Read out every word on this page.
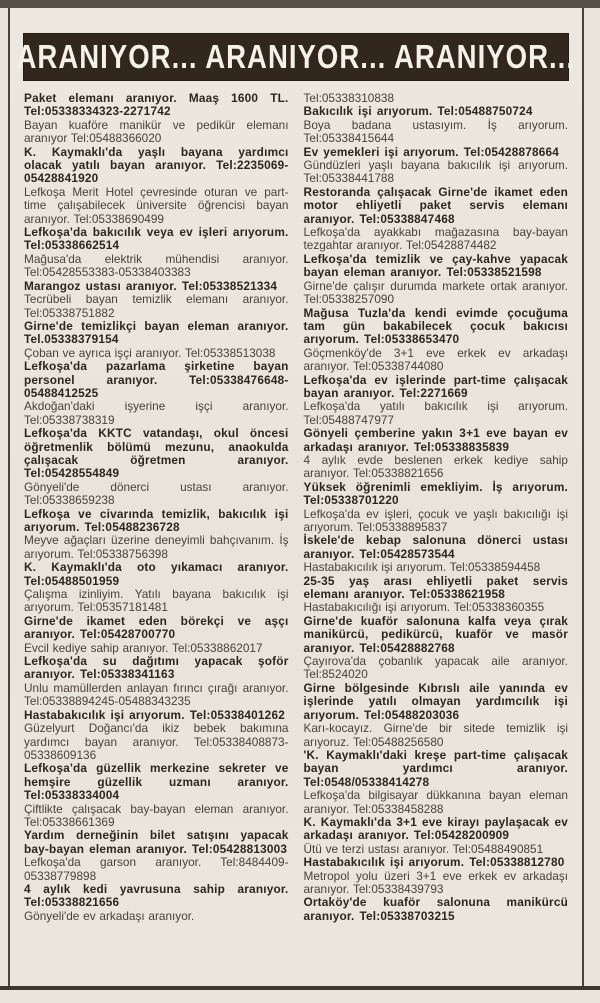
ARANIYOR... ARANIYOR... ARANIYOR...

Paket elemanı aranıyor. Maaş 1600 TL. Tel:05338334323-2271742

Bayan kuaföre manikür ve pedikür elemanı aranıyor Tel:05488366020

K. Kaymaklı'da yaşlı bayana yardımcı olacak yatılı bayan aranıyor. Tel:2235069-05428841920

Lefkoşa Merit Hotel çevresinde oturan ve part-time çalışabilecek üniversite öğrencisi bayan aranıyor. Tel:05338690499

Lefkoşa'da bakıcılık veya ev işleri arıyorum. Tel:05338662514

Mağusa'da elektrik mühendisi aranıyor. Tel:05428553383-05338403383

Marangoz ustası aranıyor. Tel:05338521334

Tecrübeli bayan temizlik elemanı aranıyor. Tel:05338751882

Girne'de temizlikçi bayan eleman aranıyor. Tel.05338379154

Çoban ve ayrıca işçi aranıyor. Tel:05338513038

Lefkoşa'da pazarlama şirketine bayan personel aranıyor. Tel:05338476648-05488412525

Akdoğan'daki işyerine işçi aranıyor. Tel:05338738319

Lefkoşa'da KKTC vatandaşı, okul öncesi öğretmenlik bölümü mezunu, anaokulda çalışacak öğretmen aranıyor. Tel:05428554849

Gönyeli'de dönerci ustası aranıyor. Tel:05338659238

Lefkoşa ve civarında temizlik, bakıcılık işi arıyorum. Tel:05488236728

Meyve ağaçları üzerine deneyimli bahçıvanım. İş arıyorum. Tel:05338756398

K. Kaymaklı'da oto yıkamacı aranıyor. Tel:05488501959

Çalışma izinliyim. Yatılı bayana bakıcılık işi arıyorum. Tel:05357181481

Girne'de ikamet eden börekçi ve aşçı aranıyor. Tel:05428700770

Evcil kediye sahip aranıyor. Tel:05338862017

Lefkoşa'da su dağıtımı yapacak şoför aranıyor. Tel:05338341163

Unlu mamüllerden anlayan fırıncı çırağı aranıyor. Tel:05338894245-05488343235

Hastabakıcılık işi arıyorum. Tel:05338401262

Güzelyurt Doğancı'da ikiz bebek bakımına yardımcı bayan aranıyor. Tel:05338408873-05338609136

Lefkoşa'da güzellik merkezine sekreter ve hemşire güzellik uzmanı aranıyor. Tel:05338334004

Çiftlikte çalışacak bay-bayan eleman aranıyor. Tel:05338661369

Yardım derneğinin bilet satışını yapacak bay-bayan eleman aranıyor. Tel:05428813003

Lefkoşa'da garson aranıyor. Tel:8484409-05338779898

4 aylık kedi yavrusuna sahip aranıyor. Tel:05338821656

Gönyeli'de ev arkadaşı aranıyor.

Tel:05338310838

Bakıcılık işi arıyorum. Tel:05488750724

Boya badana ustasıyım. İş arıyorum. Tel:05338415644

Ev yemekleri işi arıyorum. Tel:05428878664

Gündüzleri yaşlı bayana bakıcılık işi arıyorum. Tel:05338441788

Restoranda çalışacak Girne'de ikamet eden motor ehliyetli paket servis elemanı aranıyor. Tel:05338847468

Lefkoşa'da ayakkabı mağazasına bay-bayan tezgahtar aranıyor. Tel:05428874482

Lefkoşa'da temizlik ve çay-kahve yapacak bayan eleman aranıyor. Tel:05338521598

Girne'de çalışır durumda markete ortak aranıyor. Tel:05338257090

Mağusa Tuzla'da kendi evimde çocuğuma tam gün bakabilecek çocuk bakıcısı arıyorum. Tel:05338653470

Göçmenköy'de 3+1 eve erkek ev arkadaşı aranıyor. Tel:05338744080

Lefkoşa'da ev işlerinde part-time çalışacak bayan aranıyor. Tel:2271669

Lefkoşa'da yatılı bakıcılık işi arıyorum. Tel:05488747977

Gönyeli çemberine yakın 3+1 eve bayan ev arkadaşı aranıyor. Tel:05338835839

4 aylık evde beslenen erkek kediye sahip aranıyor. Tel:05338821656

Yüksek öğrenimli emekliyim. İş arıyorum. Tel:05338701220

Lefkoşa'da ev işleri, çocuk ve yaşlı bakıcılığı işi arıyorum. Tel:05338895837

İskele'de kebap salonuna dönerci ustası aranıyor. Tel:05428573544

Hastabakıcılık işi arıyorum. Tel:05338594458

25-35 yaş arası ehliyetli paket servis elemanı aranıyor. Tel:05338621958

Hastabakıcılığı işi arıyorum. Tel:05338360355

Girne'de kuaför salonuna kalfa veya çırak manikürcü, pedikürcü, kuaför ve masör aranıyor. Tel:05428882768

Çayırova'da çobanlık yapacak aile aranıyor. Tel:8524020

Girne bölgesinde Kıbrıslı aile yanında ev işlerinde yatılı olmayan yardımcılık işi arıyorum. Tel:05488203036

Karı-kocayız. Girne'de bir sitede temizlik işi arıyoruz. Tel:05488256580

'K. Kaymaklı'daki kreşe part-time çalışacak bayan yardımcı aranıyor. Tel:0548/05338414278

Lefkoşa'da bilgisayar dükkanına bayan eleman aranıyor. Tel:05338458288

K. Kaymaklı'da 3+1 eve kirayı paylaşacak ev arkadaşı aranıyor. Tel:05428200909

Ütü ve terzi ustası aranıyor. Tel:05488490851

Hastabakıcılık işi arıyorum. Tel:05338812780

Metropol yolu üzeri 3+1 eve erkek ev arkadaşı aranıyor. Tel:05338439793

Ortaköy'de kuaför salonuna manikürcü aranıyor. Tel:05338703215
